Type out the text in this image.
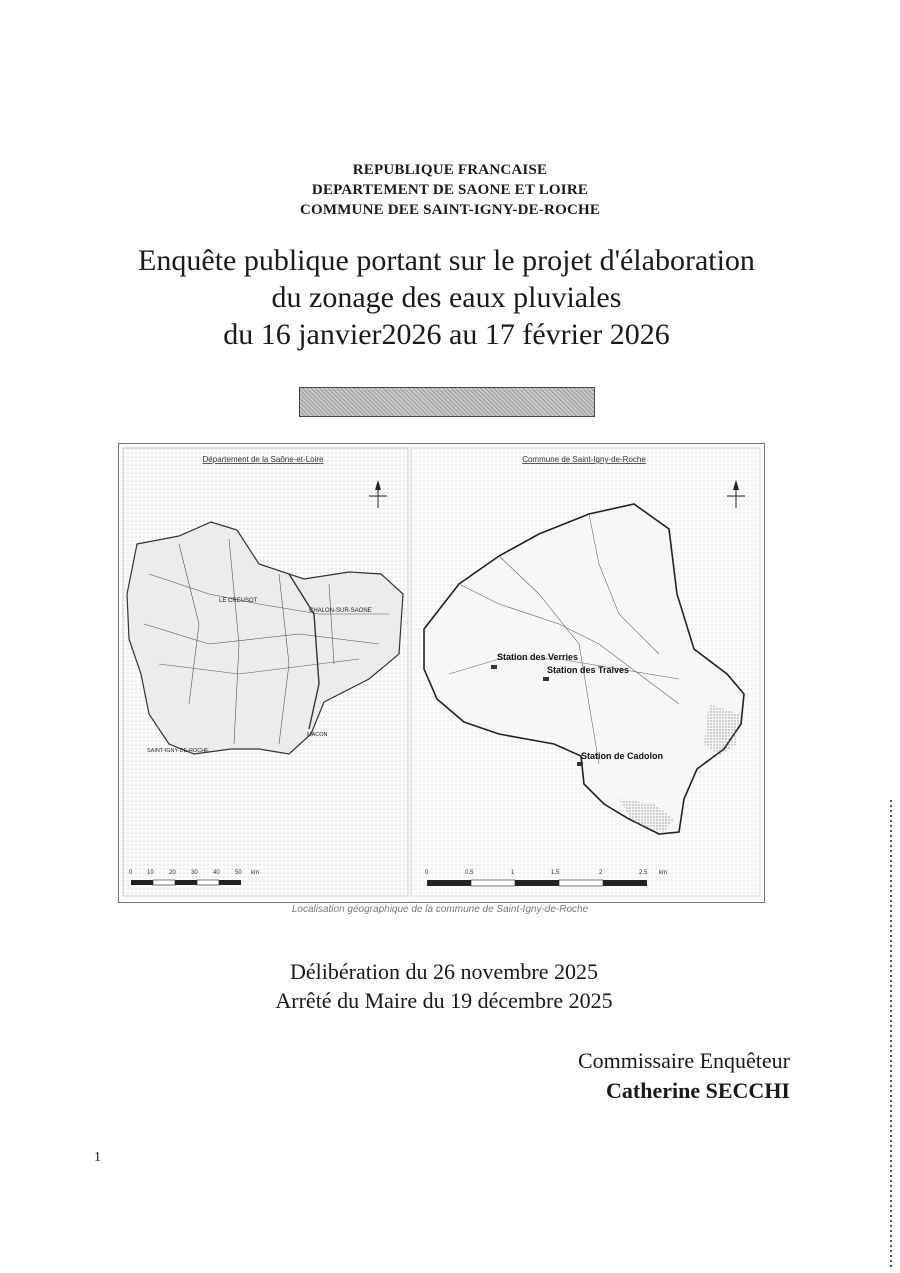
REPUBLIQUE FRANCAISE
DEPARTEMENT DE SAONE ET LOIRE
COMMUNE DEE SAINT-IGNY-DE-ROCHE
Enquête publique portant sur le projet d'élaboration
du zonage des eaux pluviales
du 16 janvier2026 au 17 février 2026
Département de la Saône-et-Loire
LE CREUSOT
CHALON-SUR-SAONE
SAINT-IGNY-DE-ROCHE
MACON
0 10	20	30	40	50 km
Commune de Saint-Igny-de-Roche
Station des Verries
Station des Traives
Station de Cadolon
0	0.5	1	1.5	2	2.5 km
Localisation géographique de la commune de Saint-Igny-de-Roche
Délibération du 26 novembre 2025
Arrêté du Maire du 19 décembre 2025
Commissaire Enquêteur
Catherine SECCHI
1
